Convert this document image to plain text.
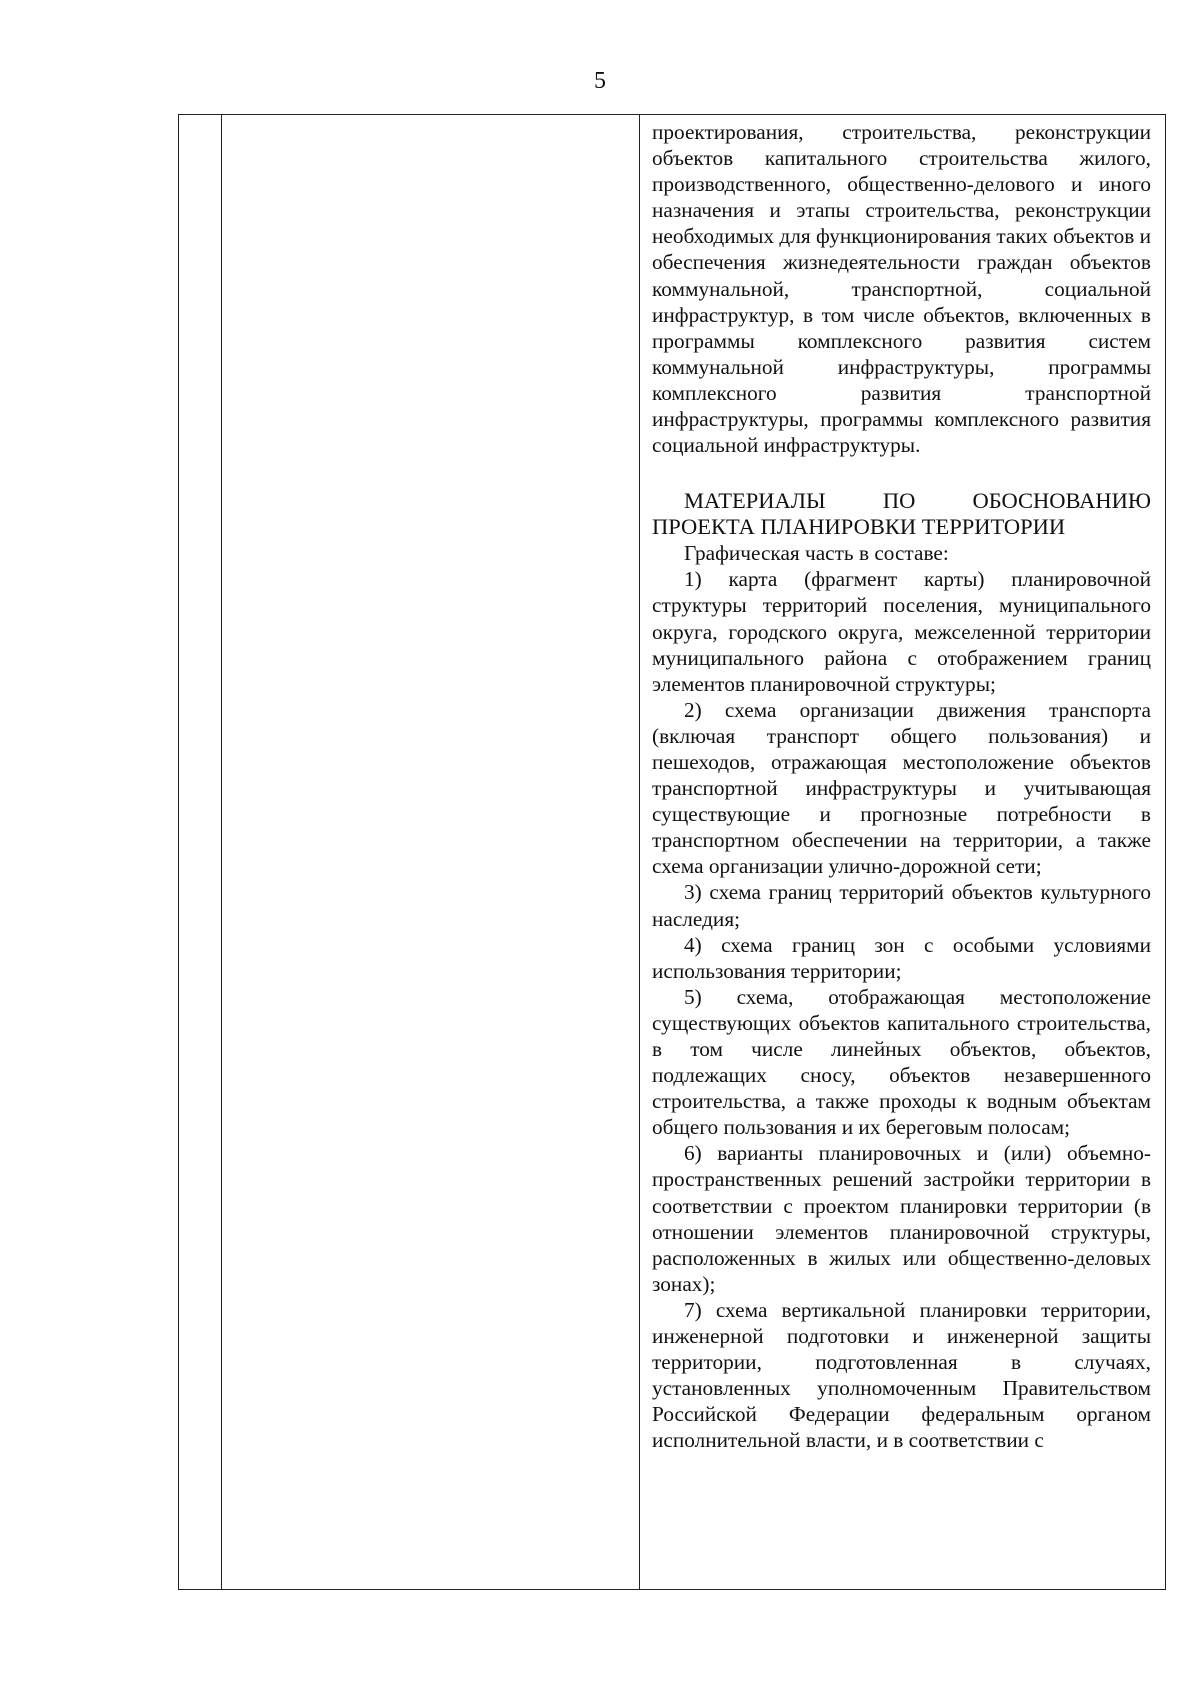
5

проектирования, строительства, реконструкции объектов капитального строительства жилого, производственного, общественно-делового и иного назначения и этапы строительства, реконструкции необходимых для функционирования таких объектов и обеспечения жизнедеятельности граждан объектов коммунальной, транспортной, социальной инфраструктур, в том числе объектов, включенных в программы комплексного развития систем коммунальной инфраструктуры, программы комплексного развития транспортной инфраструктуры, программы комплексного развития социальной инфраструктуры.

МАТЕРИАЛЫ ПО ОБОСНОВАНИЮ ПРОЕКТА ПЛАНИРОВКИ ТЕРРИТОРИИ

Графическая часть в составе:

1) карта (фрагмент карты) планировочной структуры территорий поселения, муниципального округа, городского округа, межселенной территории муниципального района с отображением границ элементов планировочной структуры;

2) схема организации движения транспорта (включая транспорт общего пользования) и пешеходов, отражающая местоположение объектов транспортной инфраструктуры и учитывающая существующие и прогнозные потребности в транспортном обеспечении на территории, а также схема организации улично-дорожной сети;

3) схема границ территорий объектов культурного наследия;

4) схема границ зон с особыми условиями использования территории;

5) схема, отображающая местоположение существующих объектов капитального строительства, в том числе линейных объектов, объектов, подлежащих сносу, объектов незавершенного строительства, а также проходы к водным объектам общего пользования и их береговым полосам;

6) варианты планировочных и (или) объемно-пространственных решений застройки территории в соответствии с проектом планировки территории (в отношении элементов планировочной структуры, расположенных в жилых или общественно-деловых зонах);

7) схема вертикальной планировки территории, инженерной подготовки и инженерной защиты территории, подготовленная в случаях, установленных уполномоченным Правительством Российской Федерации федеральным органом исполнительной власти, и в соответствии с
